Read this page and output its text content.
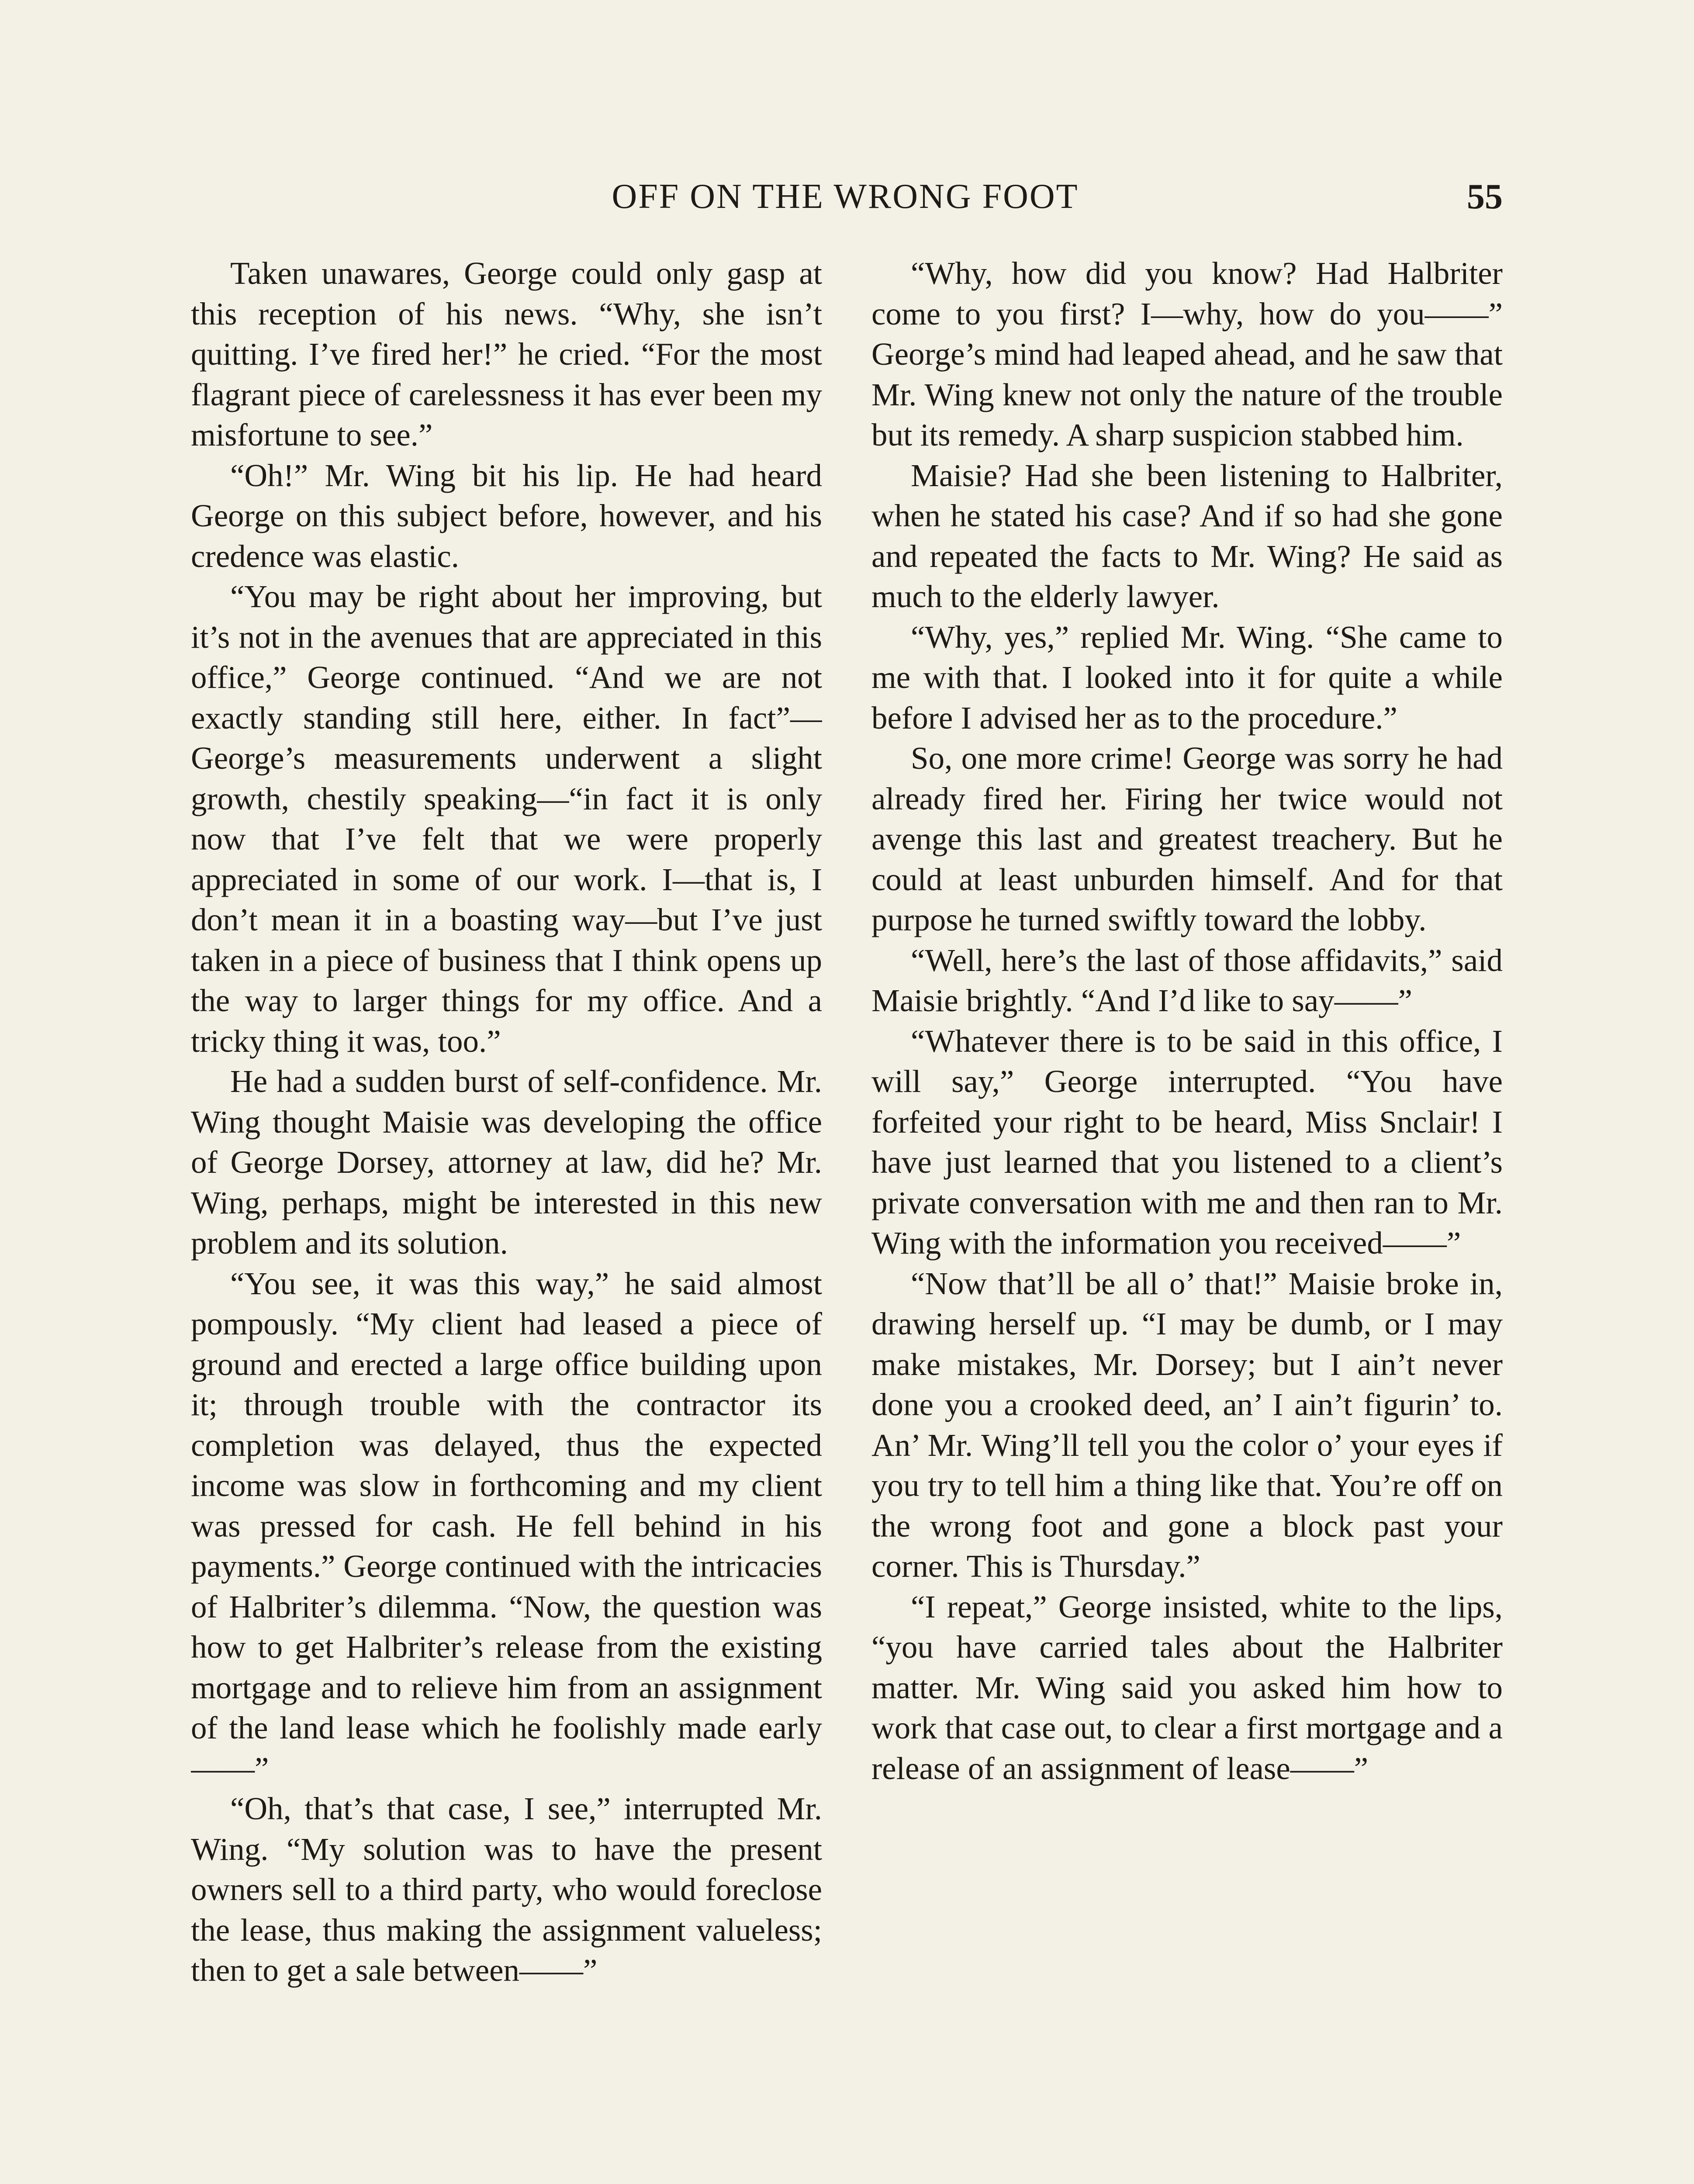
OFF ON THE WRONG FOOT	55

Taken unawares, George could only gasp at this reception of his news. “Why, she isn’t quitting. I’ve fired her!” he cried. “For the most flagrant piece of carelessness it has ever been my misfortune to see.”

“Oh!” Mr. Wing bit his lip. He had heard George on this subject before, however, and his credence was elastic.

“You may be right about her improving, but it’s not in the avenues that are appreciated in this office,” George continued. “And we are not exactly standing still here, either. In fact”—George’s measurements underwent a slight growth, chestily speaking—“in fact it is only now that I’ve felt that we were properly appreciated in some of our work. I—that is, I don’t mean it in a boasting way—but I’ve just taken in a piece of business that I think opens up the way to larger things for my office. And a tricky thing it was, too.”

He had a sudden burst of self-confidence. Mr. Wing thought Maisie was developing the office of George Dorsey, attorney at law, did he? Mr. Wing, perhaps, might be interested in this new problem and its solution.

“You see, it was this way,” he said almost pompously. “My client had leased a piece of ground and erected a large office building upon it; through trouble with the contractor its completion was delayed, thus the expected income was slow in forthcoming and my client was pressed for cash. He fell behind in his payments.” George continued with the intricacies of Halbriter’s dilemma. “Now, the question was how to get Halbriter’s release from the existing mortgage and to relieve him from an assignment of the land lease which he foolishly made early——”

“Oh, that’s that case, I see,” interrupted Mr. Wing. “My solution was to have the present owners sell to a third party, who would foreclose the lease, thus making the assignment valueless; then to get a sale between——”

“Why, how did you know? Had Halbriter come to you first? I—why, how do you——” George’s mind had leaped ahead, and he saw that Mr. Wing knew not only the nature of the trouble but its remedy. A sharp suspicion stabbed him.

Maisie? Had she been listening to Halbriter, when he stated his case? And if so had she gone and repeated the facts to Mr. Wing? He said as much to the elderly lawyer.

“Why, yes,” replied Mr. Wing. “She came to me with that. I looked into it for quite a while before I advised her as to the procedure.”

So, one more crime! George was sorry he had already fired her. Firing her twice would not avenge this last and greatest treachery. But he could at least unburden himself. And for that purpose he turned swiftly toward the lobby.

“Well, here’s the last of those affidavits,” said Maisie brightly. “And I’d like to say——”

“Whatever there is to be said in this office, I will say,” George interrupted. “You have forfeited your right to be heard, Miss Snclair! I have just learned that you listened to a client’s private conversation with me and then ran to Mr. Wing with the information you received——”

“Now that’ll be all o’ that!” Maisie broke in, drawing herself up. “I may be dumb, or I may make mistakes, Mr. Dorsey; but I ain’t never done you a crooked deed, an’ I ain’t figurin’ to. An’ Mr. Wing’ll tell you the color o’ your eyes if you try to tell him a thing like that. You’re off on the wrong foot and gone a block past your corner. This is Thursday.”

“I repeat,” George insisted, white to the lips, “you have carried tales about the Halbriter matter. Mr. Wing said you asked him how to work that case out, to clear a first mortgage and a release of an assignment of lease——”
